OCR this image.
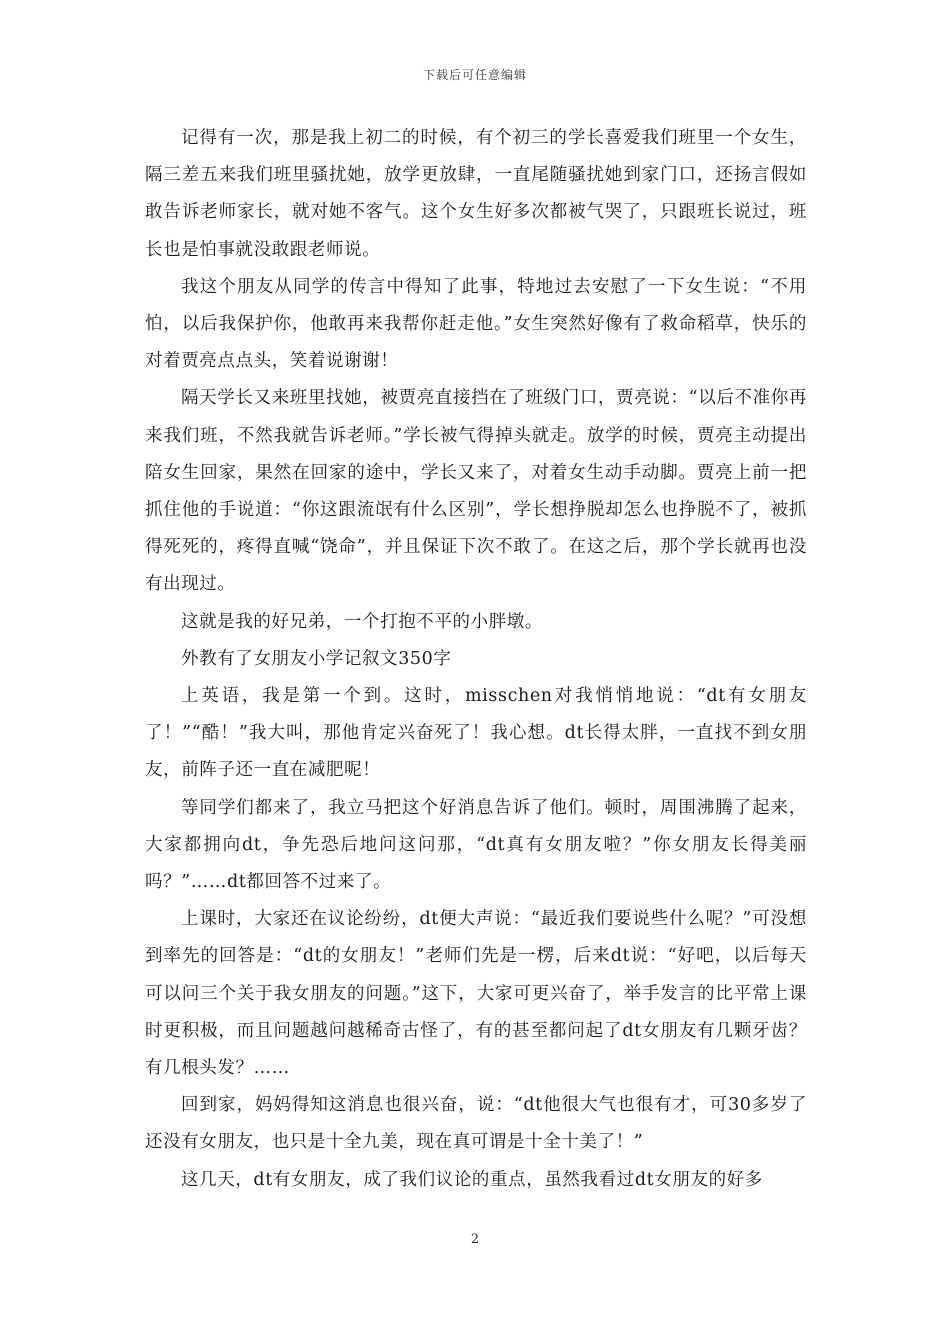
下载后可任意编辑

记得有一次，那是我上初二的时候，有个初三的学长喜爱我们班里一个女生，隔三差五来我们班里骚扰她，放学更放肆，一直尾随骚扰她到家门口，还扬言假如敢告诉老师家长，就对她不客气。这个女生好多次都被气哭了，只跟班长说过，班长也是怕事就没敢跟老师说。

我这个朋友从同学的传言中得知了此事，特地过去安慰了一下女生说：“不用怕，以后我保护你，他敢再来我帮你赶走他。”女生突然好像有了救命稻草，快乐的对着贾亮点点头，笑着说谢谢！

隔天学长又来班里找她，被贾亮直接挡在了班级门口，贾亮说：“以后不准你再来我们班，不然我就告诉老师。”学长被气得掉头就走。放学的时候，贾亮主动提出陪女生回家，果然在回家的途中，学长又来了，对着女生动手动脚。贾亮上前一把抓住他的手说道：“你这跟流氓有什么区别”，学长想挣脱却怎么也挣脱不了，被抓得死死的，疼得直喊“饶命”，并且保证下次不敢了。在这之后，那个学长就再也没有出现过。

这就是我的好兄弟，一个打抱不平的小胖墩。

外教有了女朋友小学记叙文350字

上英语，我是第一个到。这时，misschen对我悄悄地说：“dt有女朋友了！”“酷！”我大叫，那他肯定兴奋死了！我心想。dt长得太胖，一直找不到女朋友，前阵子还一直在减肥呢！

等同学们都来了，我立马把这个好消息告诉了他们。顿时，周围沸腾了起来，大家都拥向dt，争先恐后地问这问那，“dt真有女朋友啦？”你女朋友长得美丽吗？”……dt都回答不过来了。

上课时，大家还在议论纷纷，dt便大声说：“最近我们要说些什么呢？”可没想到率先的回答是：“dt的女朋友！”老师们先是一楞，后来dt说：“好吧，以后每天可以问三个关于我女朋友的问题。”这下，大家可更兴奋了，举手发言的比平常上课时更积极，而且问题越问越稀奇古怪了，有的甚至都问起了dt女朋友有几颗牙齿？有几根头发？……

回到家，妈妈得知这消息也很兴奋，说：“dt他很大气也很有才，可30多岁了还没有女朋友，也只是十全九美，现在真可谓是十全十美了！”

这几天，dt有女朋友，成了我们议论的重点，虽然我看过dt女朋友的好多

2
